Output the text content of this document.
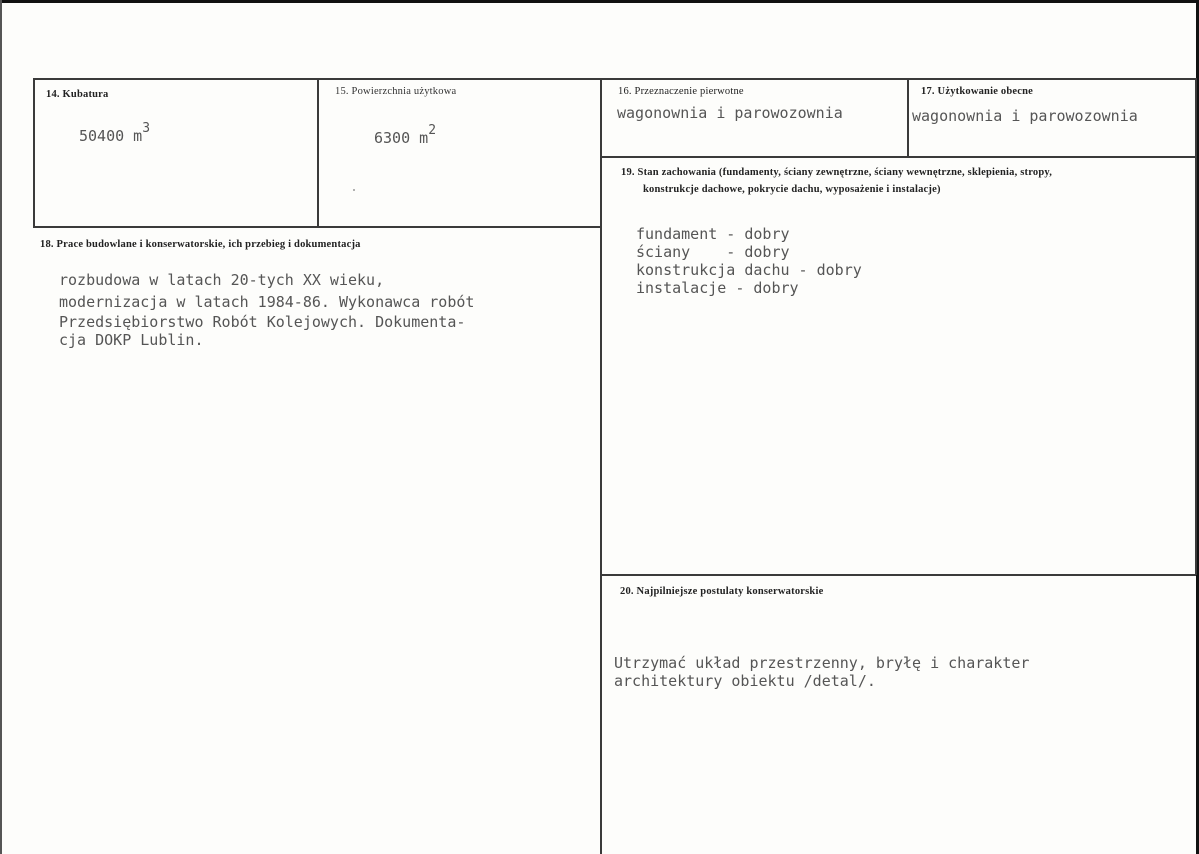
14. Kubatura
50400 m3
15. Powierzchnia użytkowa
6300 m2
16. Przeznaczenie pierwotne
wagonownia i parowozownia
17. Użytkowanie obecne
wagonownia i parowozownia
18. Prace budowlane i konserwatorskie, ich przebieg i dokumentacja
rozbudowa w latach 20-tych XX wieku,
modernizacja w latach 1984-86. Wykonawca robót
Przedsiębiorstwo Robót Kolejowych. Dokumenta-
cja DOKP Lublin.
19. Stan zachowania (fundamenty, ściany zewnętrzne, ściany wewnętrzne, sklepienia, stropy,
konstrukcje dachowe, pokrycie dachu, wyposażenie i instalacje)
fundament - dobry
ściany    - dobry
konstrukcja dachu - dobry
instalacje - dobry
20. Najpilniejsze postulaty konserwatorskie
Utrzymać układ przestrzenny, bryłę i charakter
architektury obiektu /detal/.
